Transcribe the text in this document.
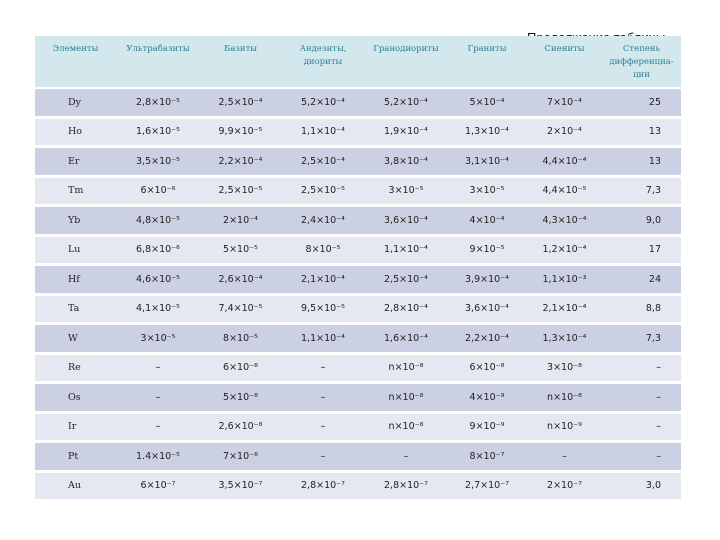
Элементы	Ультрабазиты	Базиты	Андезиты, диориты	Гранодиориты	Граниты	Сиениты	Степень дифференциа-ции
Dy	2,8×10⁻⁵	2,5×10⁻⁴	5,2×10⁻⁴	5,2×10⁻⁴	5×10⁻⁴	7×10⁻⁴	25
Ho	1,6×10⁻⁵	9,9×10⁻⁵	1,1×10⁻⁴	1,9×10⁻⁴	1,3×10⁻⁴	2×10⁻⁴	13
Er	3,5×10⁻⁵	2,2×10⁻⁴	2,5×10⁻⁴	3,8×10⁻⁴	3,1×10⁻⁴	4,4×10⁻⁴	13
Tm	6×10⁻⁶	2,5×10⁻⁵	2,5×10⁻⁵	3×10⁻⁵	3×10⁻⁵	4,4×10⁻⁵	7,3
Yb	4,8×10⁻⁵	2×10⁻⁴	2,4×10⁻⁴	3,6×10⁻⁴	4×10⁻⁴	4,3×10⁻⁴	9,0
Lu	6,8×10⁻⁶	5×10⁻⁵	8×10⁻⁵	1,1×10⁻⁴	9×10⁻⁵	1,2×10⁻⁴	17
Hf	4,6×10⁻⁵	2,6×10⁻⁴	2,1×10⁻⁴	2,5×10⁻⁴	3,9×10⁻⁴	1,1×10⁻³	24
Ta	4,1×10⁻⁵	7,4×10⁻⁵	9,5×10⁻⁵	2,8×10⁻⁴	3,6×10⁻⁴	2,1×10⁻⁴	8,8
W	3×10⁻⁵	8×10⁻⁵	1,1×10⁻⁴	1,6×10⁻⁴	2,2×10⁻⁴	1,3×10⁻⁴	7,3
Re	–	6×10⁻⁸	–	n×10⁻⁸	6×10⁻⁸	3×10⁻⁸	–
Os	–	5×10⁻⁸	–	n×10⁻⁸	4×10⁻⁹	n×10⁻⁸	–
Ir	–	2,6×10⁻⁸	–	n×10⁻⁸	9×10⁻⁹	n×10⁻⁹	–
Pt	1.4×10⁻⁵	7×10⁻⁶	–	–	8×10⁻⁷	–	–
Au	6×10⁻⁷	3,5×10⁻⁷	2,8×10⁻⁷	2,8×10⁻⁷	2,7×10⁻⁷	2×10⁻⁷	3,0
